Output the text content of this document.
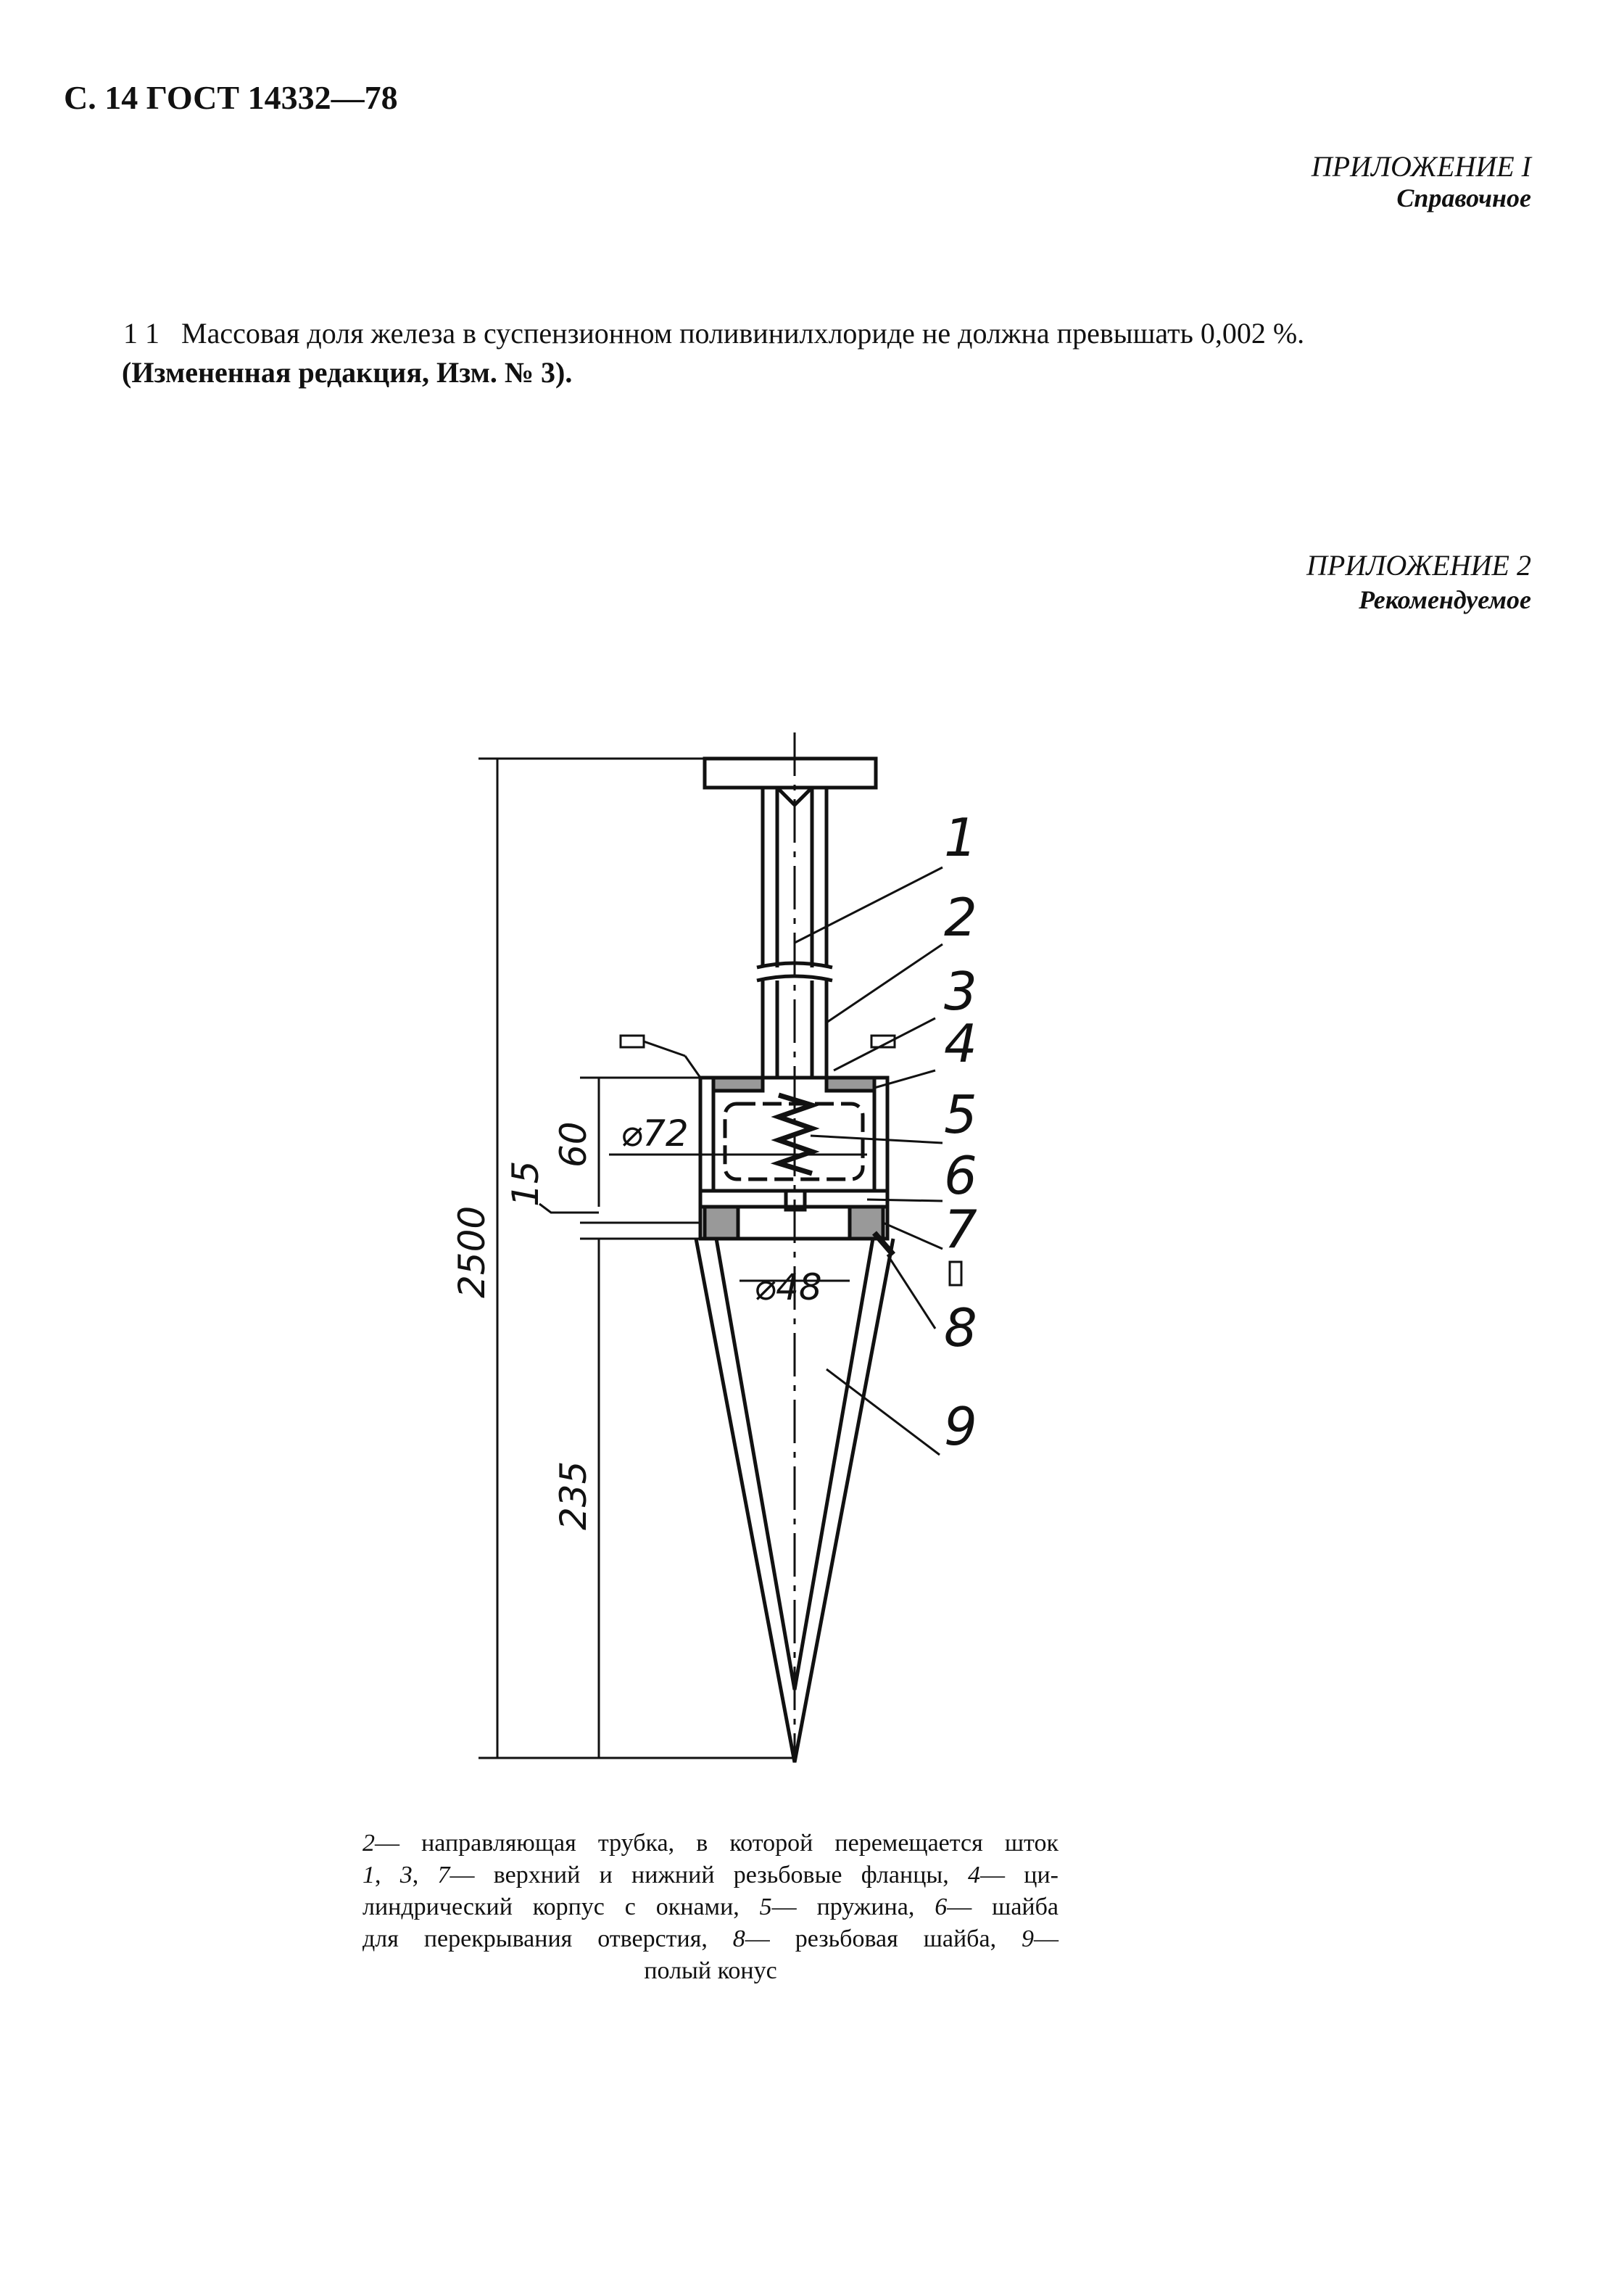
С. 14 ГОСТ 14332—78
ПРИЛОЖЕНИЕ I
Справочное
1 1 Массовая доля железа в суспензионном поливинилхлориде не должна превышать 0,002 %.
(Измененная редакция, Изм. № 3).
ПРИЛОЖЕНИЕ 2
Рекомендуемое
1
2
3
4
5
6
7
8
9
2500
235
60
15
⌀72
⌀48
2— направляющая трубка, в которой перемещается шток
1, 3, 7— верхний и нижний резьбовые фланцы, 4— ци-
линдрический корпус с окнами, 5— пружина, 6— шайба
для перекрывания отверстия, 8— резьбовая шайба, 9—
полый конус
